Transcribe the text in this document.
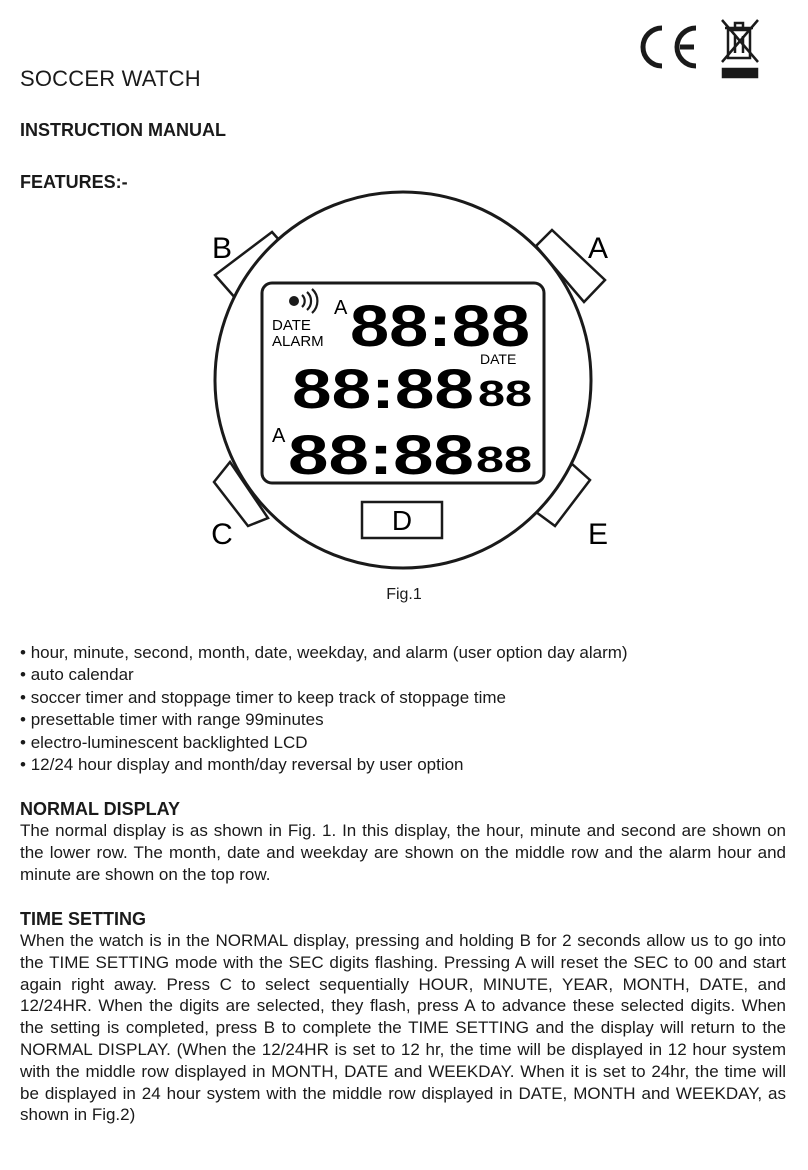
SOCCER WATCH
INSTRUCTION MANUAL
FEATURES:-
B	A
C	E
D
DATE
ALARM
A 88:88
DATE
88:88 88
A 88:88 88
Fig.1
• hour, minute, second, month, date, weekday, and alarm (user option day alarm)
• auto calendar
• soccer timer and stoppage timer to keep track of stoppage time
• presettable timer with range 99minutes
• electro-luminescent backlighted LCD
• 12/24 hour display and month/day reversal by user option
NORMAL DISPLAY

The normal display is as shown in Fig. 1. In this display, the hour, minute and second are shown on the lower row. The month, date and weekday are shown on the middle row and the alarm hour and minute are shown on the top row.

TIME SETTING

When the watch is in the NORMAL display, pressing and holding B for 2 seconds allow us to go into the TIME SETTING mode with the SEC digits flashing. Pressing A will reset the SEC to 00 and start again right away. Press C to select sequentially HOUR, MINUTE, YEAR, MONTH, DATE, and 12/24HR. When the digits are selected, they flash, press A to advance these selected digits. When the setting is completed, press B to complete the TIME SETTING and the display will return to the NORMAL DISPLAY. (When the 12/24HR is set to 12 hr, the time will be displayed in 12 hour system with the middle row displayed in MONTH, DATE and WEEKDAY. When it is set to 24hr, the time will be displayed in 24 hour system with the middle row displayed in DATE, MONTH and WEEKDAY, as shown in Fig.2)
